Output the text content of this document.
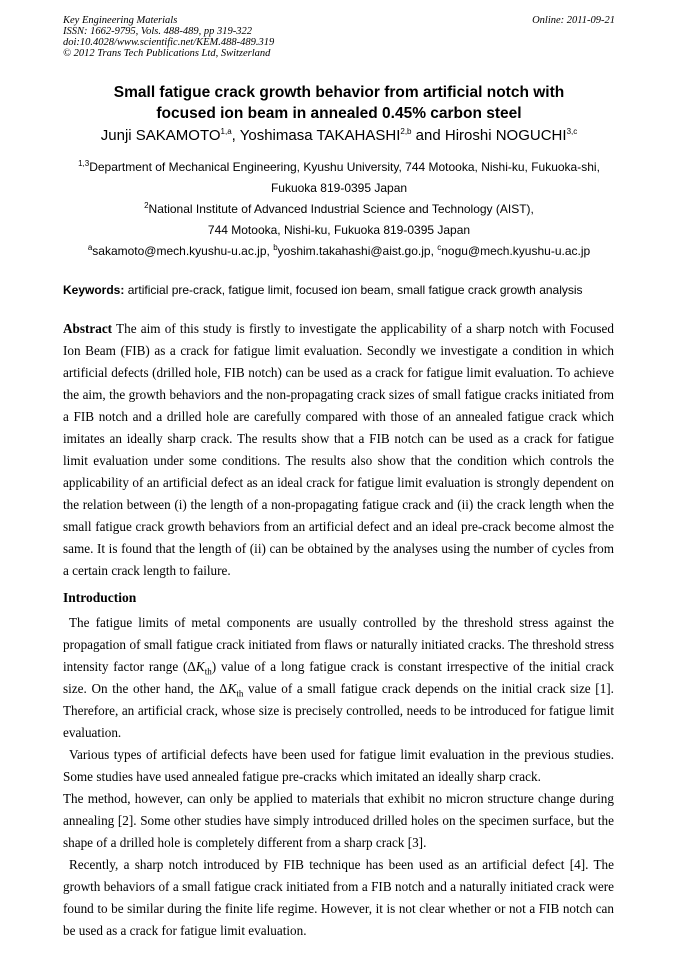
Key Engineering Materials
ISSN: 1662-9795, Vols. 488-489, pp 319-322
doi:10.4028/www.scientific.net/KEM.488-489.319
© 2012 Trans Tech Publications Ltd, Switzerland
Online: 2011-09-21
Small fatigue crack growth behavior from artificial notch with
focused ion beam in annealed 0.45% carbon steel
Junji SAKAMOTO$^{1,a}$, Yoshimasa TAKAHASHI$^{2,b}$ and Hiroshi NOGUCHI$^{3,c}$
$^{1,3}$Department of Mechanical Engineering, Kyushu University, 744 Motooka, Nishi-ku, Fukuoka-shi,
Fukuoka 819-0395 Japan
$^2$National Institute of Advanced Industrial Science and Technology (AIST),
744 Motooka, Nishi-ku, Fukuoka 819-0395 Japan
$^a$sakamoto@mech.kyushu-u.ac.jp, $^b$yoshim.takahashi@aist.go.jp, $^c$nogu@mech.kyushu-u.ac.jp
Keywords: artificial pre-crack, fatigue limit, focused ion beam, small fatigue crack growth analysis
Abstract The aim of this study is firstly to investigate the applicability of a sharp notch with Focused Ion Beam (FIB) as a crack for fatigue limit evaluation. Secondly we investigate a condition in which artificial defects (drilled hole, FIB notch) can be used as a crack for fatigue limit evaluation. To achieve the aim, the growth behaviors and the non-propagating crack sizes of small fatigue cracks initiated from a FIB notch and a drilled hole are carefully compared with those of an annealed fatigue crack which imitates an ideally sharp crack. The results show that a FIB notch can be used as a crack for fatigue limit evaluation under some conditions. The results also show that the condition which controls the applicability of an artificial defect as an ideal crack for fatigue limit evaluation is strongly dependent on the relation between (i) the length of a non-propagating fatigue crack and (ii) the crack length when the small fatigue crack growth behaviors from an artificial defect and an ideal pre-crack become almost the same. It is found that the length of (ii) can be obtained by the analyses using the number of cycles from a certain crack length to failure.
Introduction

The fatigue limits of metal components are usually controlled by the threshold stress against the propagation of small fatigue crack initiated from flaws or naturally initiated cracks. The threshold stress intensity factor range $(\Delta K_{th})$ value of a long fatigue crack is constant irrespective of the initial crack size. On the other hand, the $\Delta K_{th}$ value of a small fatigue crack depends on the initial crack size [1]. Therefore, an artificial crack, whose size is precisely controlled, needs to be introduced for fatigue limit evaluation.

Various types of artificial defects have been used for fatigue limit evaluation in the previous studies. Some studies have used annealed fatigue pre-cracks which imitated an ideally sharp crack.

The method, however, can only be applied to materials that exhibit no micron structure change during annealing [2]. Some other studies have simply introduced drilled holes on the specimen surface, but the shape of a drilled hole is completely different from a sharp crack [3].

Recently, a sharp notch introduced by FIB technique has been used as an artificial defect [4]. The growth behaviors of a small fatigue crack initiated from a FIB notch and a naturally initiated crack were found to be similar during the finite life regime. However, it is not clear whether or not a FIB notch can be used as a crack for fatigue limit evaluation.
